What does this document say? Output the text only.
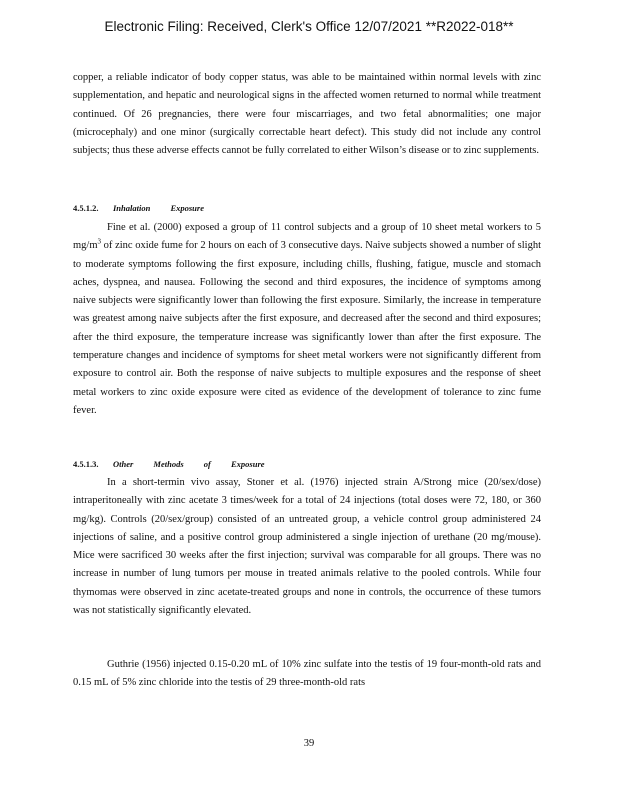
Electronic Filing: Received, Clerk's Office 12/07/2021 **R2022-018**
copper, a reliable indicator of body copper status, was able to be maintained within normal levels with zinc supplementation, and hepatic and neurological signs in the affected women returned to normal while treatment continued. Of 26 pregnancies, there were four miscarriages, and two fetal abnormalities; one major (microcephaly) and one minor (surgically correctable heart defect). This study did not include any control subjects; thus these adverse effects cannot be fully correlated to either Wilson’s disease or to zinc supplements.
4.5.1.2. Inhalation Exposure
Fine et al. (2000) exposed a group of 11 control subjects and a group of 10 sheet metal workers to 5 $mg/m^3$ of zinc oxide fume for 2 hours on each of 3 consecutive days. Naive subjects showed a number of slight to moderate symptoms following the first exposure, including chills, flushing, fatigue, muscle and stomach aches, dyspnea, and nausea. Following the second and third exposures, the incidence of symptoms among naive subjects were significantly lower than following the first exposure. Similarly, the increase in temperature was greatest among naive subjects after the first exposure, and decreased after the second and third exposures; after the third exposure, the temperature increase was significantly lower than after the first exposure. The temperature changes and incidence of symptoms for sheet metal workers were not significantly different from exposure to control air. Both the response of naive subjects to multiple exposures and the response of sheet metal workers to zinc oxide exposure were cited as evidence of the development of tolerance to zinc fume fever.
4.5.1.3. Other Methods of Exposure
In a short-termin vivo assay, Stoner et al. (1976) injected strain A/Strong mice (20/sex/dose) intraperitoneally with zinc acetate 3 times/week for a total of 24 injections (total doses were 72, 180, or 360 mg/kg). Controls (20/sex/group) consisted of an untreated group, a vehicle control group administered 24 injections of saline, and a positive control group administered a single injection of urethane (20 mg/mouse). Mice were sacrificed 30 weeks after the first injection; survival was comparable for all groups. There was no increase in number of lung tumors per mouse in treated animals relative to the pooled controls. While four thymomas were observed in zinc acetate-treated groups and none in controls, the occurrence of these tumors was not statistically significantly elevated.
Guthrie (1956) injected 0.15-0.20 mL of 10% zinc sulfate into the testis of 19 four-month-old rats and 0.15 mL of 5% zinc chloride into the testis of 29 three-month-old rats
39
